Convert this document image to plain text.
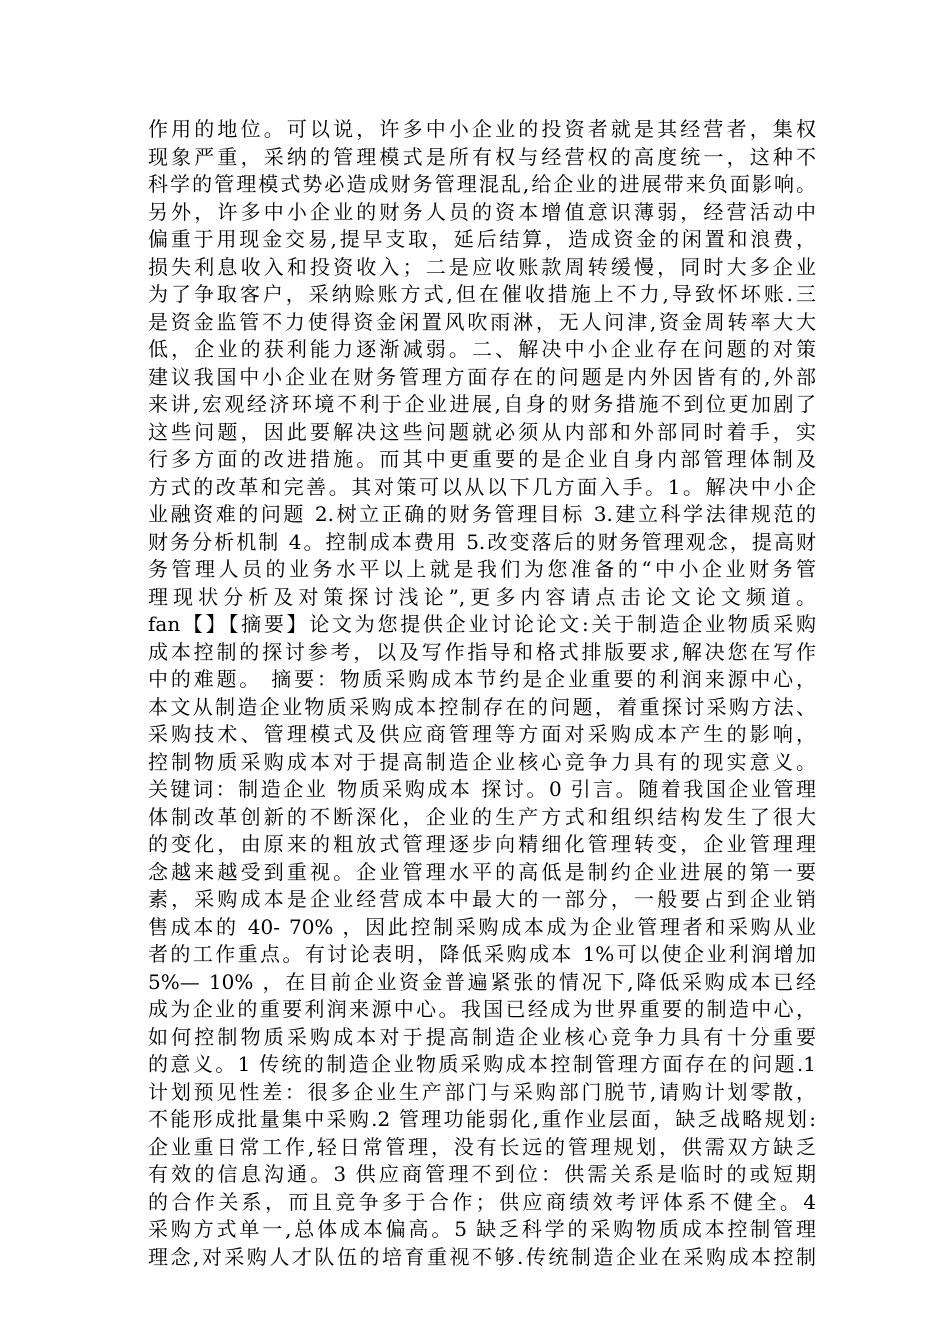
作用的地位。可以说，许多中小企业的投资者就是其经营者，集权
现象严重，采纳的管理模式是所有权与经营权的高度统一，这种不
科学的管理模式势必造成财务管理混乱,给企业的进展带来负面影响。
另外，许多中小企业的财务人员的资本增值意识薄弱，经营活动中
偏重于用现金交易,提早支取，延后结算，造成资金的闲置和浪费，
损失利息收入和投资收入；二是应收账款周转缓慢，同时大多企业
为了争取客户，采纳赊账方式,但在催收措施上不力,导致怀坏账.三
是资金监管不力使得资金闲置风吹雨淋，无人问津,资金周转率大大
低，企业的获利能力逐渐减弱。二、解决中小企业存在问题的对策
建议我国中小企业在财务管理方面存在的问题是内外因皆有的,外部
来讲,宏观经济环境不利于企业进展,自身的财务措施不到位更加剧了
这些问题，因此要解决这些问题就必须从内部和外部同时着手，实
行多方面的改进措施。而其中更重要的是企业自身内部管理体制及
方式的改革和完善。其对策可以从以下几方面入手。1。解决中小企
业融资难的问题 2.树立正确的财务管理目标 3.建立科学法律规范的
财务分析机制 4。控制成本费用 5.改变落后的财务管理观念，提高财
务管理人员的业务水平以上就是我们为您准备的“中小企业财务管
理现状分析及对策探讨浅论”,更多内容请点击论文论文频道。
fan【】【摘要】论文为您提供企业讨论论文:关于制造企业物质采购
成本控制的探讨参考，以及写作指导和格式排版要求,解决您在写作
中的难题。 摘要：物质采购成本节约是企业重要的利润来源中心，
本文从制造企业物质采购成本控制存在的问题，着重探讨采购方法、
采购技术、管理模式及供应商管理等方面对采购成本产生的影响，
控制物质采购成本对于提高制造企业核心竞争力具有的现实意义。
关键词：制造企业 物质采购成本 探讨。0 引言。随着我国企业管理
体制改革创新的不断深化，企业的生产方式和组织结构发生了很大
的变化，由原来的粗放式管理逐步向精细化管理转变，企业管理理
念越来越受到重视。企业管理水平的高低是制约企业进展的第一要
素，采购成本是企业经营成本中最大的一部分，一般要占到企业销
售成本的 40- 70% ，因此控制采购成本成为企业管理者和采购从业
者的工作重点。有讨论表明，降低采购成本 1%可以使企业利润增加
5%— 10% ，在目前企业资金普遍紧张的情况下,降低采购成本已经
成为企业的重要利润来源中心。我国已经成为世界重要的制造中心，
如何控制物质采购成本对于提高制造企业核心竞争力具有十分重要
的意义。1 传统的制造企业物质采购成本控制管理方面存在的问题.1
计划预见性差：很多企业生产部门与采购部门脱节,请购计划零散，
不能形成批量集中采购.2 管理功能弱化,重作业层面，缺乏战略规划:
企业重日常工作,轻日常管理，没有长远的管理规划，供需双方缺乏
有效的信息沟通。3 供应商管理不到位：供需关系是临时的或短期
的合作关系，而且竞争多于合作；供应商绩效考评体系不健全。4
采购方式单一,总体成本偏高。5 缺乏科学的采购物质成本控制管理
理念,对采购人才队伍的培育重视不够.传统制造企业在采购成本控制
